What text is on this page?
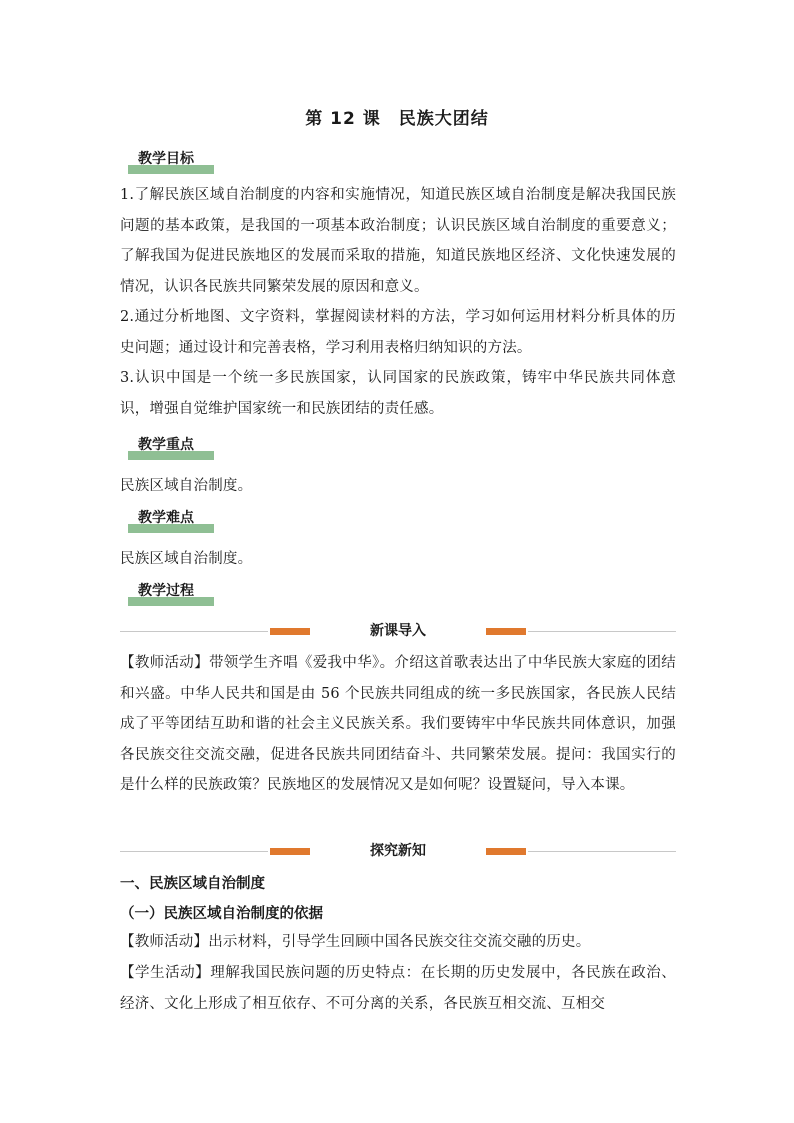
第 12 课　民族大团结
教学目标
1.了解民族区域自治制度的内容和实施情况，知道民族区域自治制度是解决我国民族问题的基本政策，是我国的一项基本政治制度；认识民族区域自治制度的重要意义；了解我国为促进民族地区的发展而采取的措施，知道民族地区经济、文化快速发展的情况，认识各民族共同繁荣发展的原因和意义。
2.通过分析地图、文字资料，掌握阅读材料的方法，学习如何运用材料分析具体的历史问题；通过设计和完善表格，学习利用表格归纳知识的方法。
3.认识中国是一个统一多民族国家，认同国家的民族政策，铸牢中华民族共同体意识，增强自觉维护国家统一和民族团结的责任感。
教学重点
民族区域自治制度。
教学难点
民族区域自治制度。
教学过程
新课导入
【教师活动】带领学生齐唱《爱我中华》。介绍这首歌表达出了中华民族大家庭的团结和兴盛。中华人民共和国是由 56 个民族共同组成的统一多民族国家，各民族人民结成了平等团结互助和谐的社会主义民族关系。我们要铸牢中华民族共同体意识，加强各民族交往交流交融，促进各民族共同团结奋斗、共同繁荣发展。提问：我国实行的是什么样的民族政策？民族地区的发展情况又是如何呢？设置疑问，导入本课。
探究新知
一、民族区域自治制度
（一）民族区域自治制度的依据
【教师活动】出示材料，引导学生回顾中国各民族交往交流交融的历史。
【学生活动】理解我国民族问题的历史特点：在长期的历史发展中，各民族在政治、经济、文化上形成了相互依存、不可分离的关系，各民族互相交流、互相交
